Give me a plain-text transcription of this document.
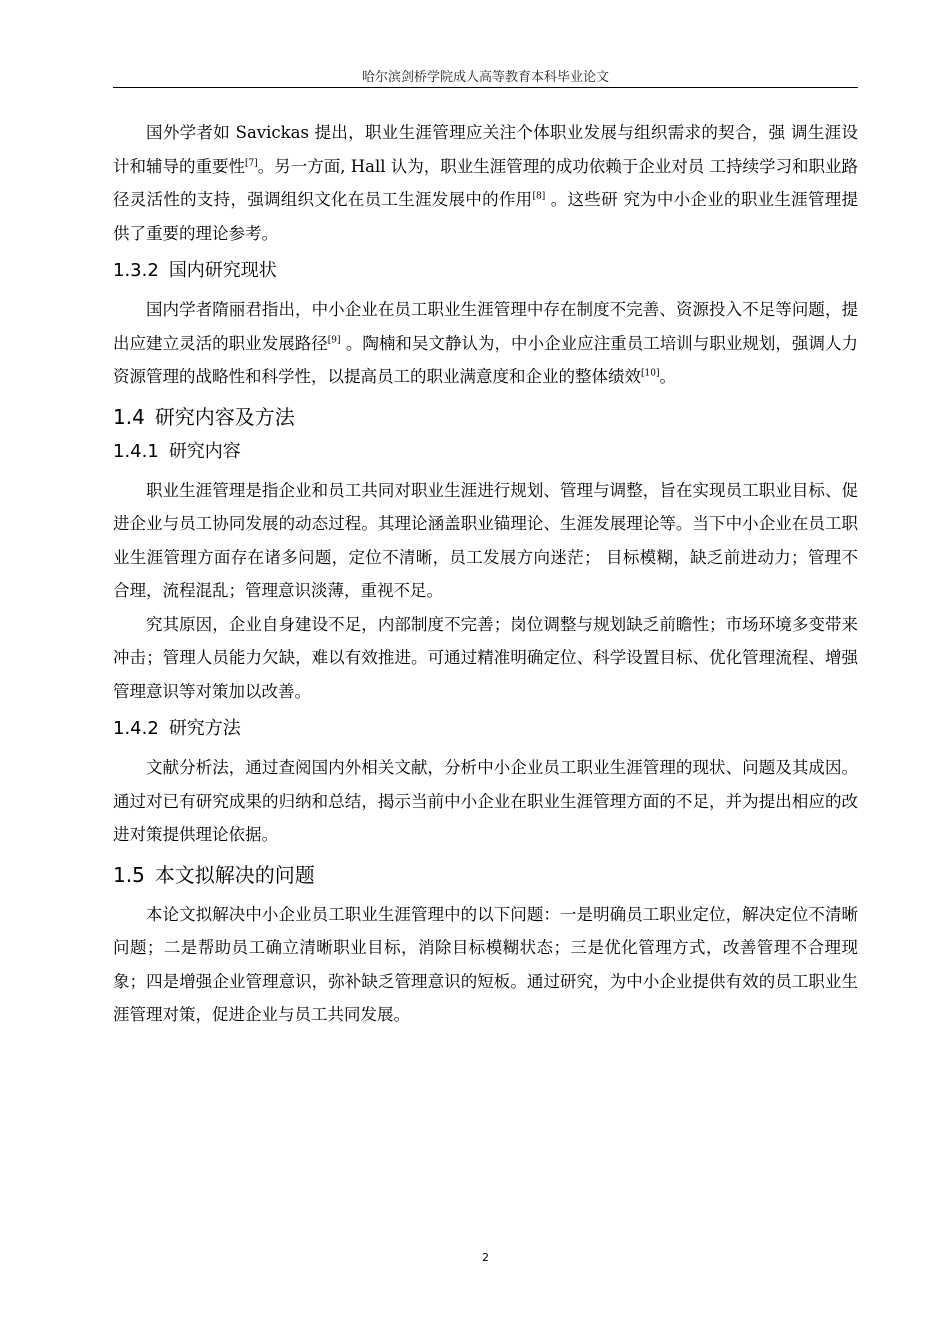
哈尔滨剑桥学院成人高等教育本科毕业论文

国外学者如 Savickas 提出，职业生涯管理应关注个体职业发展与组织需求的契合，强 调生涯设计和辅导的重要性[7]。另一方面, Hall 认为，职业生涯管理的成功依赖于企业对员 工持续学习和职业路径灵活性的支持，强调组织文化在员工生涯发展中的作用[8] 。这些研 究为中小企业的职业生涯管理提供了重要的理论参考。

1.3.2 国内研究现状

国内学者隋丽君指出，中小企业在员工职业生涯管理中存在制度不完善、资源投入不足等问题，提出应建立灵活的职业发展路径[9] 。陶楠和吴文静认为，中小企业应注重员工培训与职业规划，强调人力资源管理的战略性和科学性，以提高员工的职业满意度和企业的整体绩效[10]。

1.4 研究内容及方法
1.4.1 研究内容

职业生涯管理是指企业和员工共同对职业生涯进行规划、管理与调整，旨在实现员工职业目标、促进企业与员工协同发展的动态过程。其理论涵盖职业锚理论、生涯发展理论等。当下中小企业在员工职业生涯管理方面存在诸多问题，定位不清晰，员工发展方向迷茫； 目标模糊，缺乏前进动力；管理不合理，流程混乱；管理意识淡薄，重视不足。

究其原因，企业自身建设不足，内部制度不完善；岗位调整与规划缺乏前瞻性；市场环境多变带来冲击；管理人员能力欠缺，难以有效推进。可通过精准明确定位、科学设置目标、优化管理流程、增强管理意识等对策加以改善。

1.4.2 研究方法

文献分析法，通过查阅国内外相关文献，分析中小企业员工职业生涯管理的现状、问题及其成因。通过对已有研究成果的归纳和总结，揭示当前中小企业在职业生涯管理方面的不足，并为提出相应的改进对策提供理论依据。

1.5 本文拟解决的问题

本论文拟解决中小企业员工职业生涯管理中的以下问题：一是明确员工职业定位，解决定位不清晰问题；二是帮助员工确立清晰职业目标，消除目标模糊状态；三是优化管理方式，改善管理不合理现象；四是增强企业管理意识，弥补缺乏管理意识的短板。通过研究，为中小企业提供有效的员工职业生涯管理对策，促进企业与员工共同发展。

2
